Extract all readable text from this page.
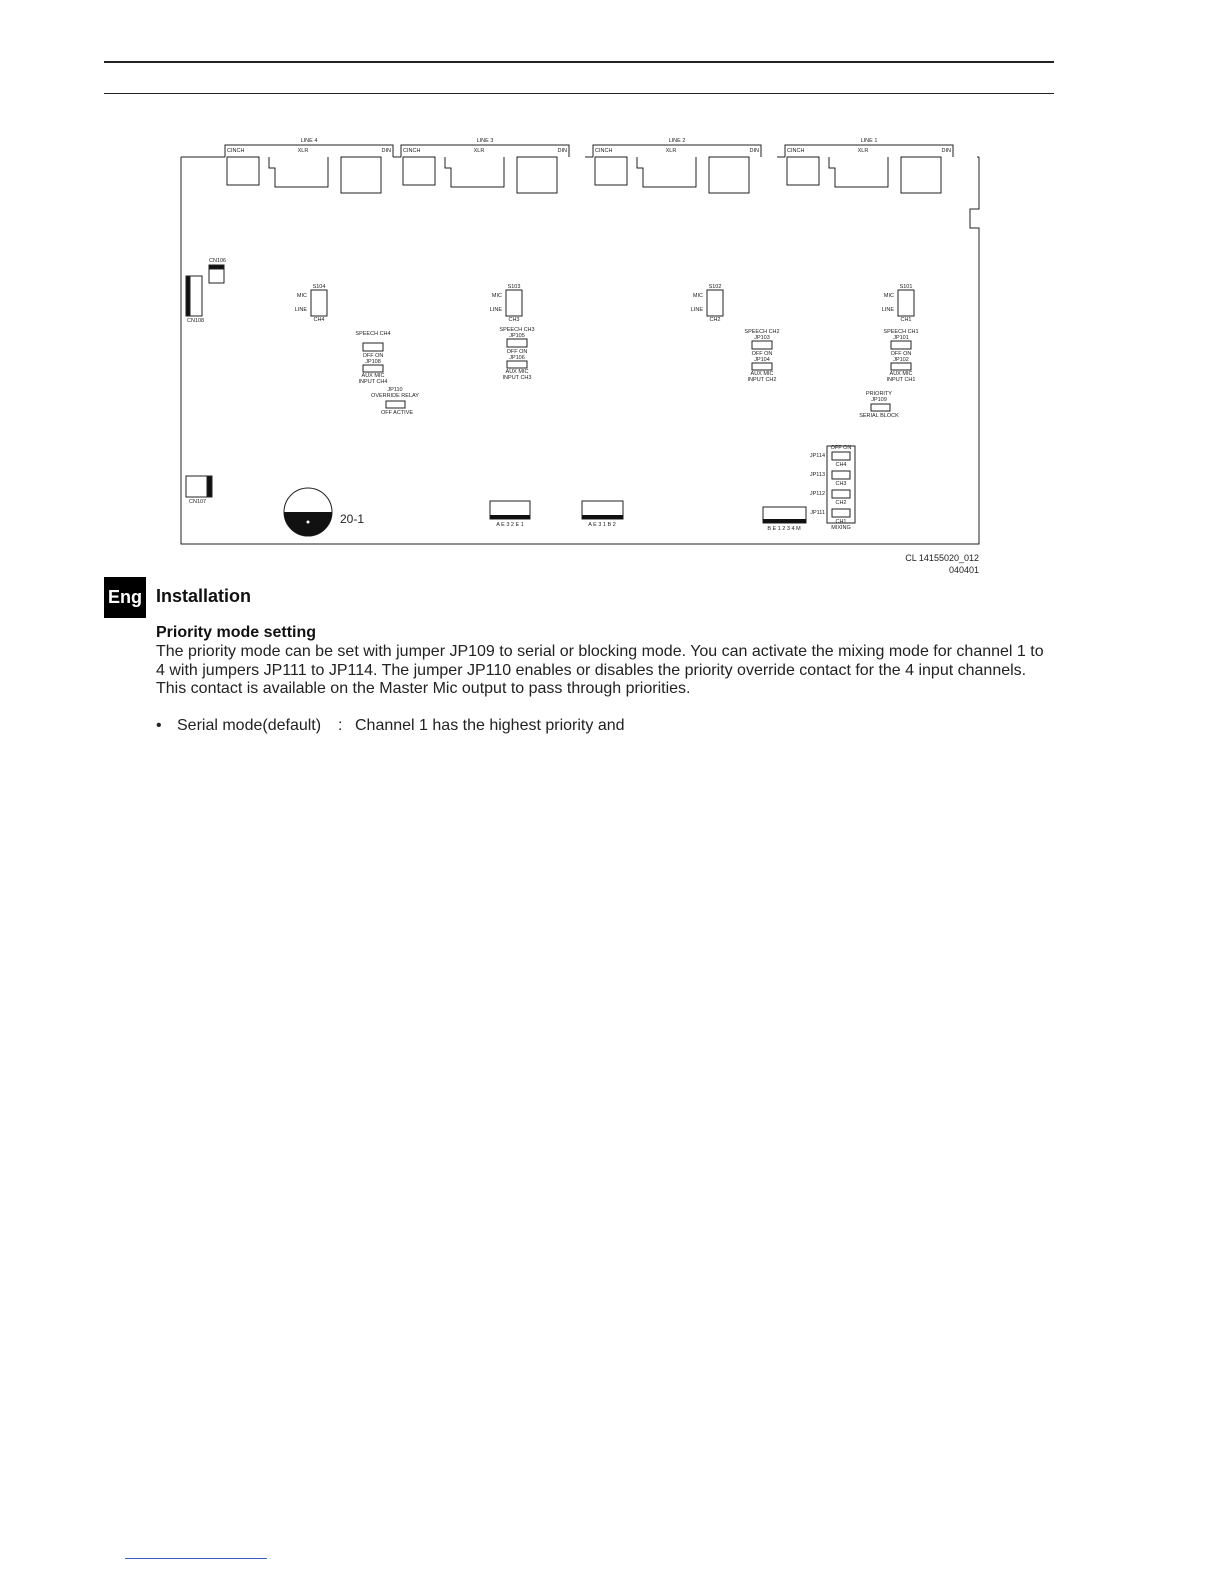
LINE 4
CINCH	XLR	DIN
LINE 3
CINCH	XLR	DIN
LINE 2
CINCH	XLR	DIN
LINE 1
CINCH	XLR	DIN
S104
MIC
LINE
CH4
S103
MIC
LINE
CH3
S102
MIC
LINE
CH2
S101
MIC
LINE
CH1
SPEECH CH4
OFF ON
JP108
AUX MIC
INPUT CH4
SPEECH CH3
JP105
OFF ON
JP106
AUX MIC
INPUT CH3
SPEECH CH2
JP103
OFF ON
JP104
AUX MIC
INPUT CH2
SPEECH CH1
JP101
OFF ON
JP102
AUX MIC
INPUT CH1
CN106
CN108
CN107
JP110
OVERRIDE RELAY
OFF ACTIVE
PRIORITY
JP109
SERIAL BLOCK
OFF ON
JP114
CH4
JP113
CH3
JP112
CH2
JP111
CH1
MIXING
20-1	A E 3 2 E 1	A E 3 1 B 2
B E 1 2 3 4 M
CL 14155020_012
040401
Eng Installation
Priority mode setting
The priority mode can be set with jumper JP109 to serial or blocking mode. You can activate the mixing mode for channel 1 to 4 with jumpers JP111 to JP114. The jumper JP110 enables or disables the priority override contact for the 4 input channels. This contact is available on the Master Mic output to pass through priorities.
• Serial mode(default) : Channel 1 has the highest priority and
